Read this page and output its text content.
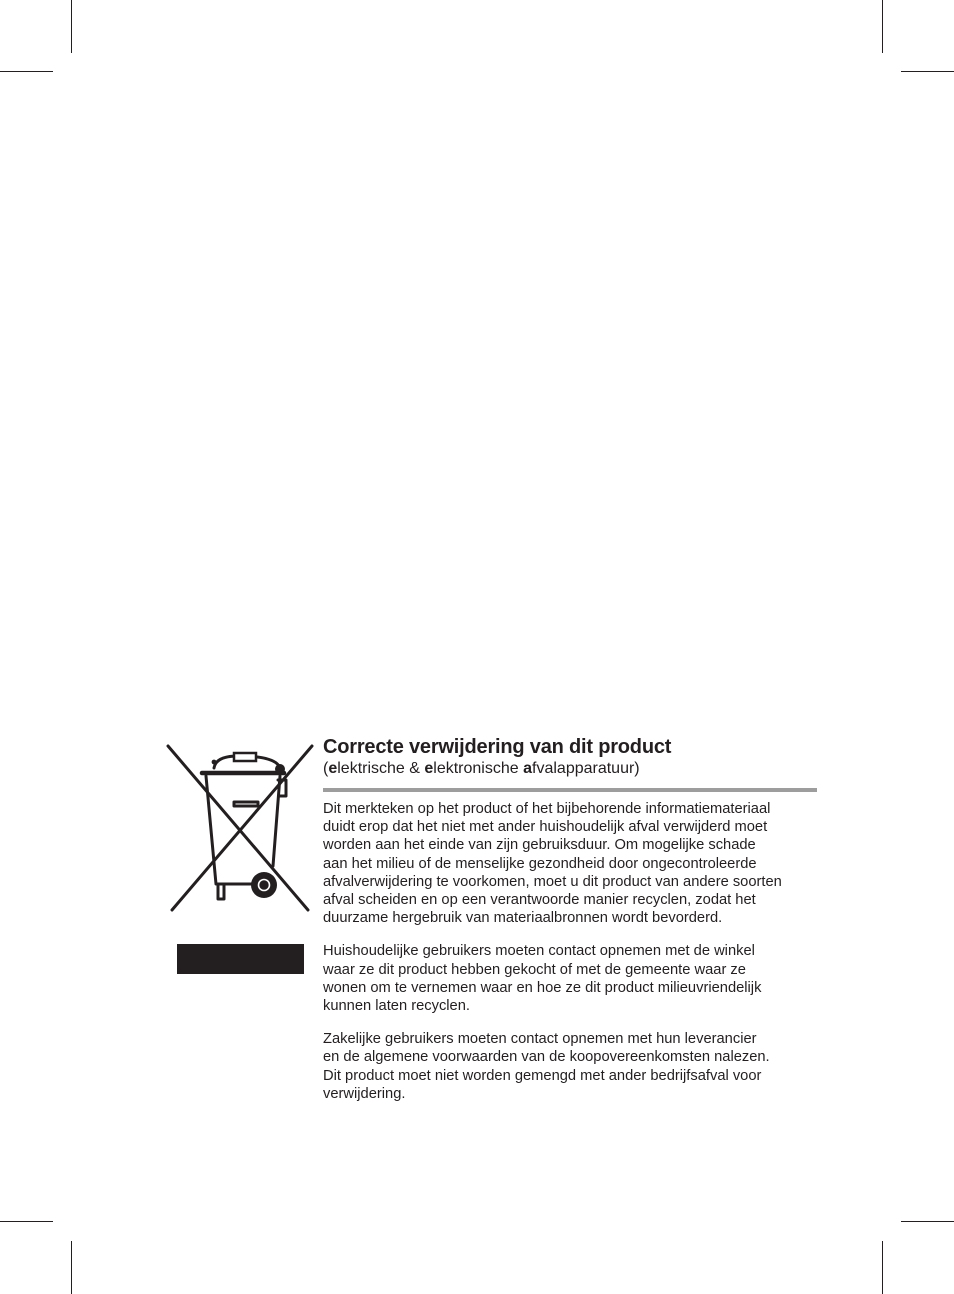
Correcte verwijdering van dit product
(elektrische & elektronische afvalapparatuur)
Dit merkteken op het product of het bijbehorende informatiemateriaal
duidt erop dat het niet met ander huishoudelijk afval verwijderd moet
worden aan het einde van zijn gebruiksduur. Om mogelijke schade
aan het milieu of de menselijke gezondheid door ongecontroleerde
afvalverwijdering te voorkomen, moet u dit product van andere soorten
afval scheiden en op een verantwoorde manier recyclen, zodat het
duurzame hergebruik van materiaalbronnen wordt bevorderd.
Huishoudelijke gebruikers moeten contact opnemen met de winkel
waar ze dit product hebben gekocht of met de gemeente waar ze
wonen om te vernemen waar en hoe ze dit product milieuvriendelijk
kunnen laten recyclen.
Zakelijke gebruikers moeten contact opnemen met hun leverancier
en de algemene voorwaarden van de koopovereenkomsten nalezen.
Dit product moet niet worden gemengd met ander bedrijfsafval voor
verwijdering.
